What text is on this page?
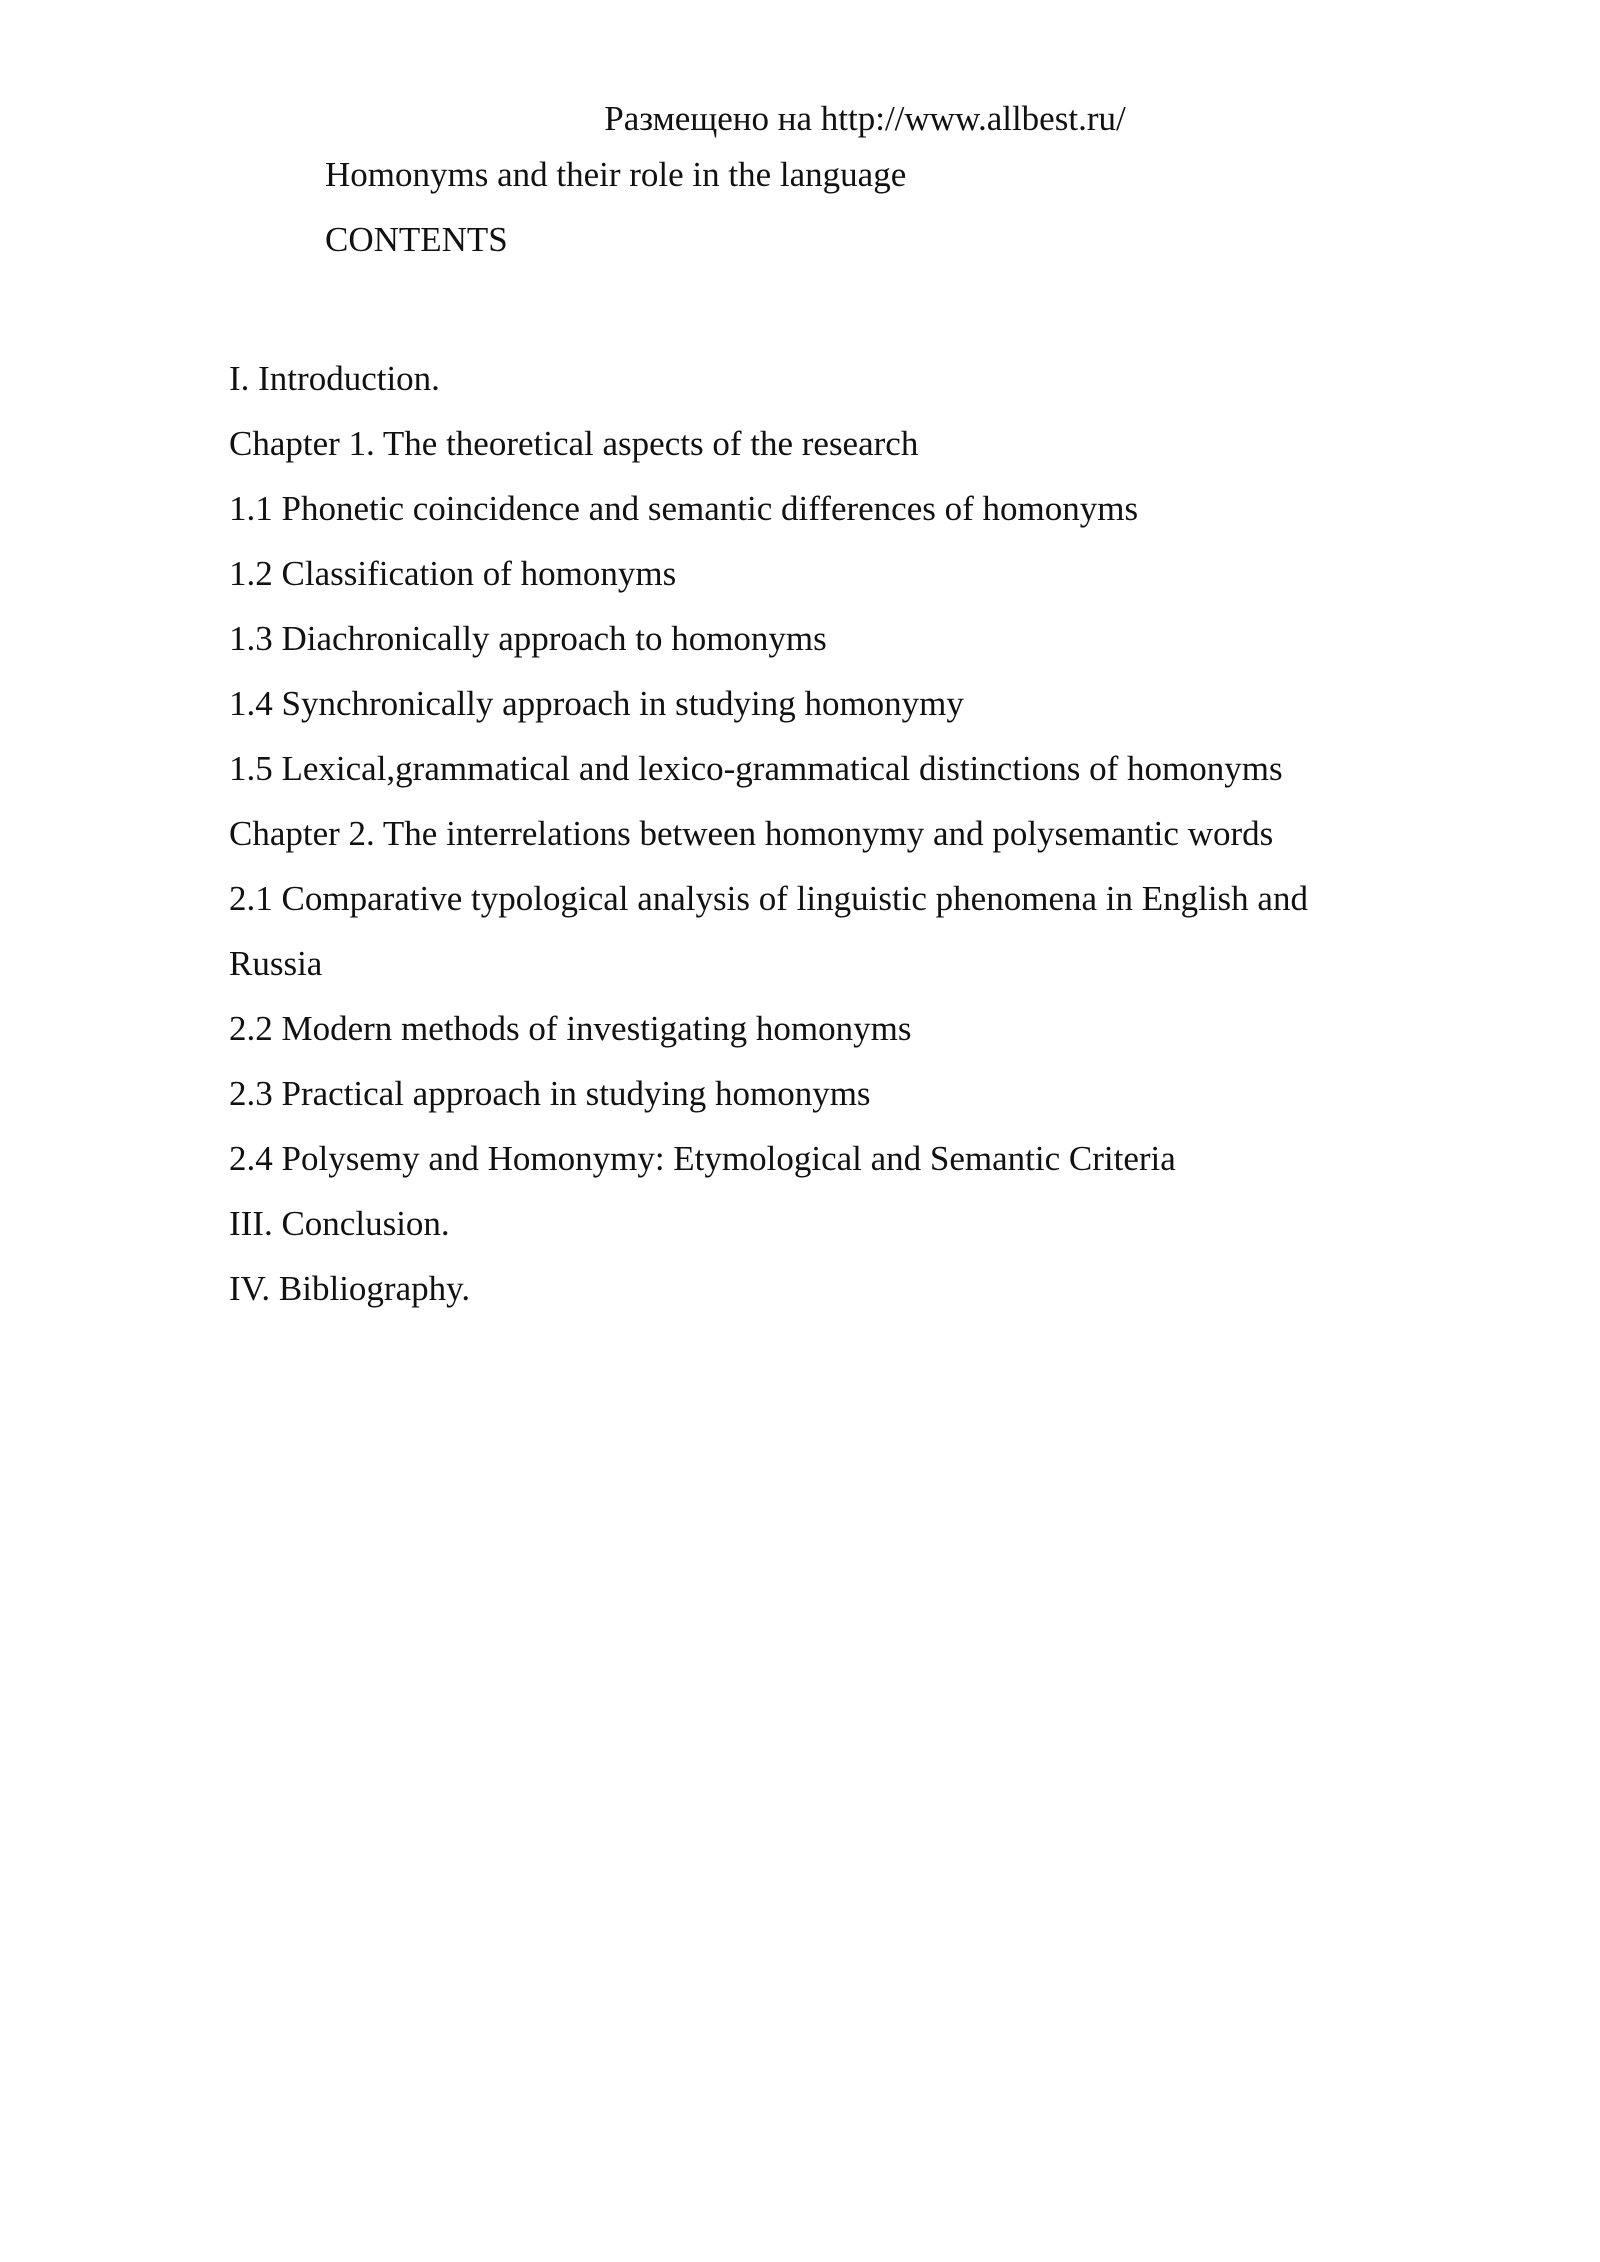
Размещено на http://www.allbest.ru/
Homonyms and their role in the language
CONTENTS
I. Introduction.
Chapter 1. The theoretical aspects of the research
1.1 Phonetic coincidence and semantic differences of homonyms
1.2 Classification of homonyms
1.3 Diachronically approach to homonyms
1.4 Synchronically approach in studying homonymy
1.5 Lexical,grammatical and lexico-grammatical distinctions of homonyms
Chapter 2. The interrelations between homonymy and polysemantic words
2.1 Comparative typological analysis of linguistic phenomena in English and Russia
2.2 Modern methods of investigating homonyms
2.3 Practical approach in studying homonyms
2.4 Polysemy and Homonymy: Etymological and Semantic Criteria
III. Conclusion.
IV. Bibliography.
